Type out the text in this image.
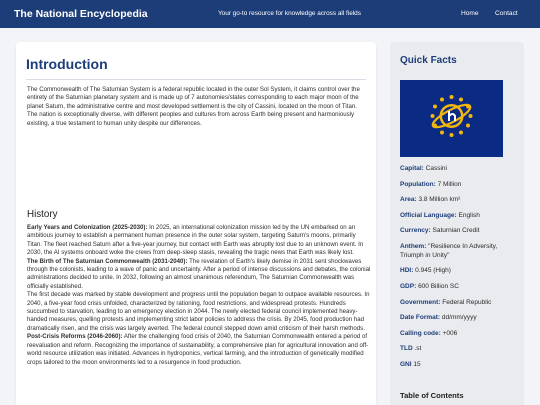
The National Encyclopedia	Your go-to resource for knowledge across all fields	Home Contact
Introduction

The Commonwealth of The Saturnian System is a federal republic located in the outer Sol System, it claims control over the entirety of the Saturnian planetary system and is made up of 7 autonomies/states corresponding to each major moon of the planet Saturn, the administrative centre and most developed settlement is the city of Cassini, located on the moon of Titan.

The nation is exceptionally diverse, with different peoples and cultures from across Earth being present and harmoniously existing, a true testament to human unity despite our differences.

History

Early Years and Colonization (2025-2030): In 2025, an international colonization mission led by the UN embarked on an ambitious journey to establish a permanent human presence in the outer solar system, targeting Saturn's moons, primarily Titan. The fleet reached Saturn after a five-year journey, but contact with Earth was abruptly lost due to an unknown event. In 2030, the AI systems onboard woke the crews from deep-sleep stasis, revealing the tragic news that Earth was likely lost.

The Birth of The Saturnian Commonwealth (2031-2040): The revelation of Earth's likely demise in 2031 sent shockwaves through the colonists, leading to a wave of panic and uncertainty. After a period of intense discussions and debates, the colonial administrations decided to unite. In 2032, following an almost unanimous referendum, The Saturnian Commonwealth was officially established.

The first decade was marked by stable development and progress until the population began to outpace available resources. In 2040, a five-year food crisis unfolded, characterized by rationing, food restrictions, and widespread protests. Hundreds succumbed to starvation, leading to an emergency election in 2044. The newly elected federal council implemented heavy-handed measures, quelling protests and implementing strict labor policies to address the crisis. By 2045, food production had dramatically risen, and the crisis was largely averted. The federal council stepped down amid criticism of their harsh methods.

Post-Crisis Reforms (2046-2060): After the challenging food crisis of 2040, the Saturnian Commonwealth entered a period of reevaluation and reform. Recognizing the importance of sustainability, a comprehensive plan for agricultural innovation and off-world resource utilization was initiated. Advances in hydroponics, vertical farming, and the introduction of genetically modified crops tailored to the moon environments led to a resurgence in food production.

Quick Facts
Capital: Cassini
Population: 7 Million
Area: 3.8 Million km²
Official Language: English
Currency: Saturnian Credit
Anthem: "Resilience In Adversity, Triumph in Unity"
HDI: 0.945 (High)
GDP: 600 Billion SC
Government: Federal Republic
Date Format: dd/mm/yyyy
Calling code: +006
TLD .st
GNI 15
Table of Contents
